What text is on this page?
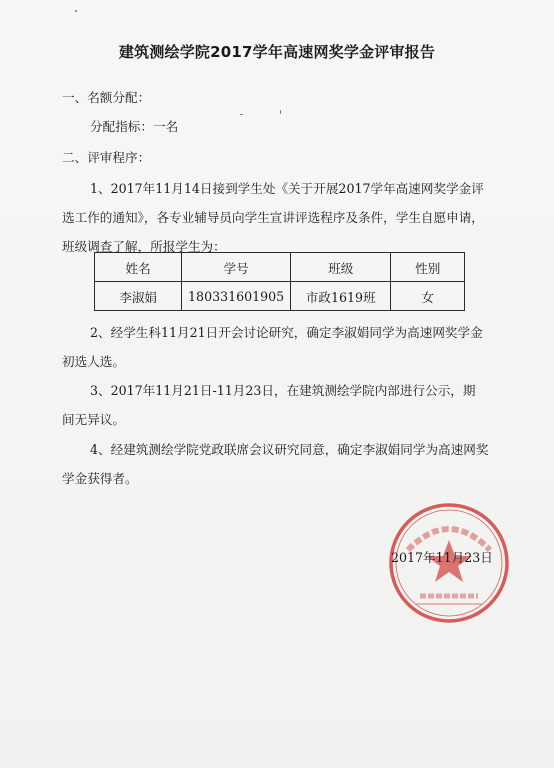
建筑测绘学院2017学年高速网奖学金评审报告
一、名额分配：
分配指标：一名
二、评审程序：
1、2017年11月14日接到学生处《关于开展2017学年高速网奖学金评
选工作的通知》，各专业辅导员向学生宣讲评选程序及条件，学生自愿申请，
班级调查了解，所报学生为：
姓名	学号	班级	性别
李淑娟	180331601905	市政1619班	女
2、经学生科11月21日开会讨论研究，确定李淑娟同学为高速网奖学金
初选人选。
3、2017年11月21日-11月23日，在建筑测绘学院内部进行公示，期
间无异议。
4、经建筑测绘学院党政联席会议研究同意，确定李淑娟同学为高速网奖
学金获得者。
2017年11月23日
